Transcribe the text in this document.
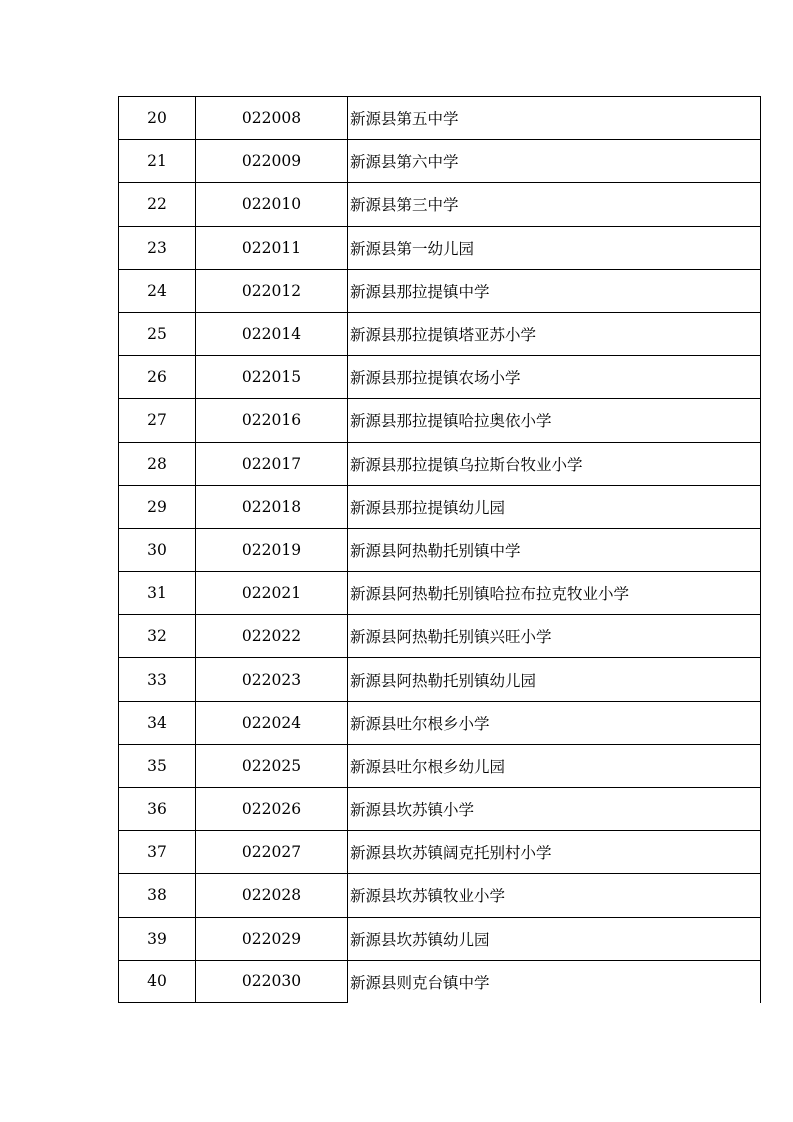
20	022008	新源县第五中学
21	022009	新源县第六中学
22	022010	新源县第三中学
23	022011	新源县第一幼儿园
24	022012	新源县那拉提镇中学
25	022014	新源县那拉提镇塔亚苏小学
26	022015	新源县那拉提镇农场小学
27	022016	新源县那拉提镇哈拉奥依小学
28	022017	新源县那拉提镇乌拉斯台牧业小学
29	022018	新源县那拉提镇幼儿园
30	022019	新源县阿热勒托别镇中学
31	022021	新源县阿热勒托别镇哈拉布拉克牧业小学
32	022022	新源县阿热勒托别镇兴旺小学
33	022023	新源县阿热勒托别镇幼儿园
34	022024	新源县吐尔根乡小学
35	022025	新源县吐尔根乡幼儿园
36	022026	新源县坎苏镇小学
37	022027	新源县坎苏镇阔克托别村小学
38	022028	新源县坎苏镇牧业小学
39	022029	新源县坎苏镇幼儿园
40	022030	新源县则克台镇中学
